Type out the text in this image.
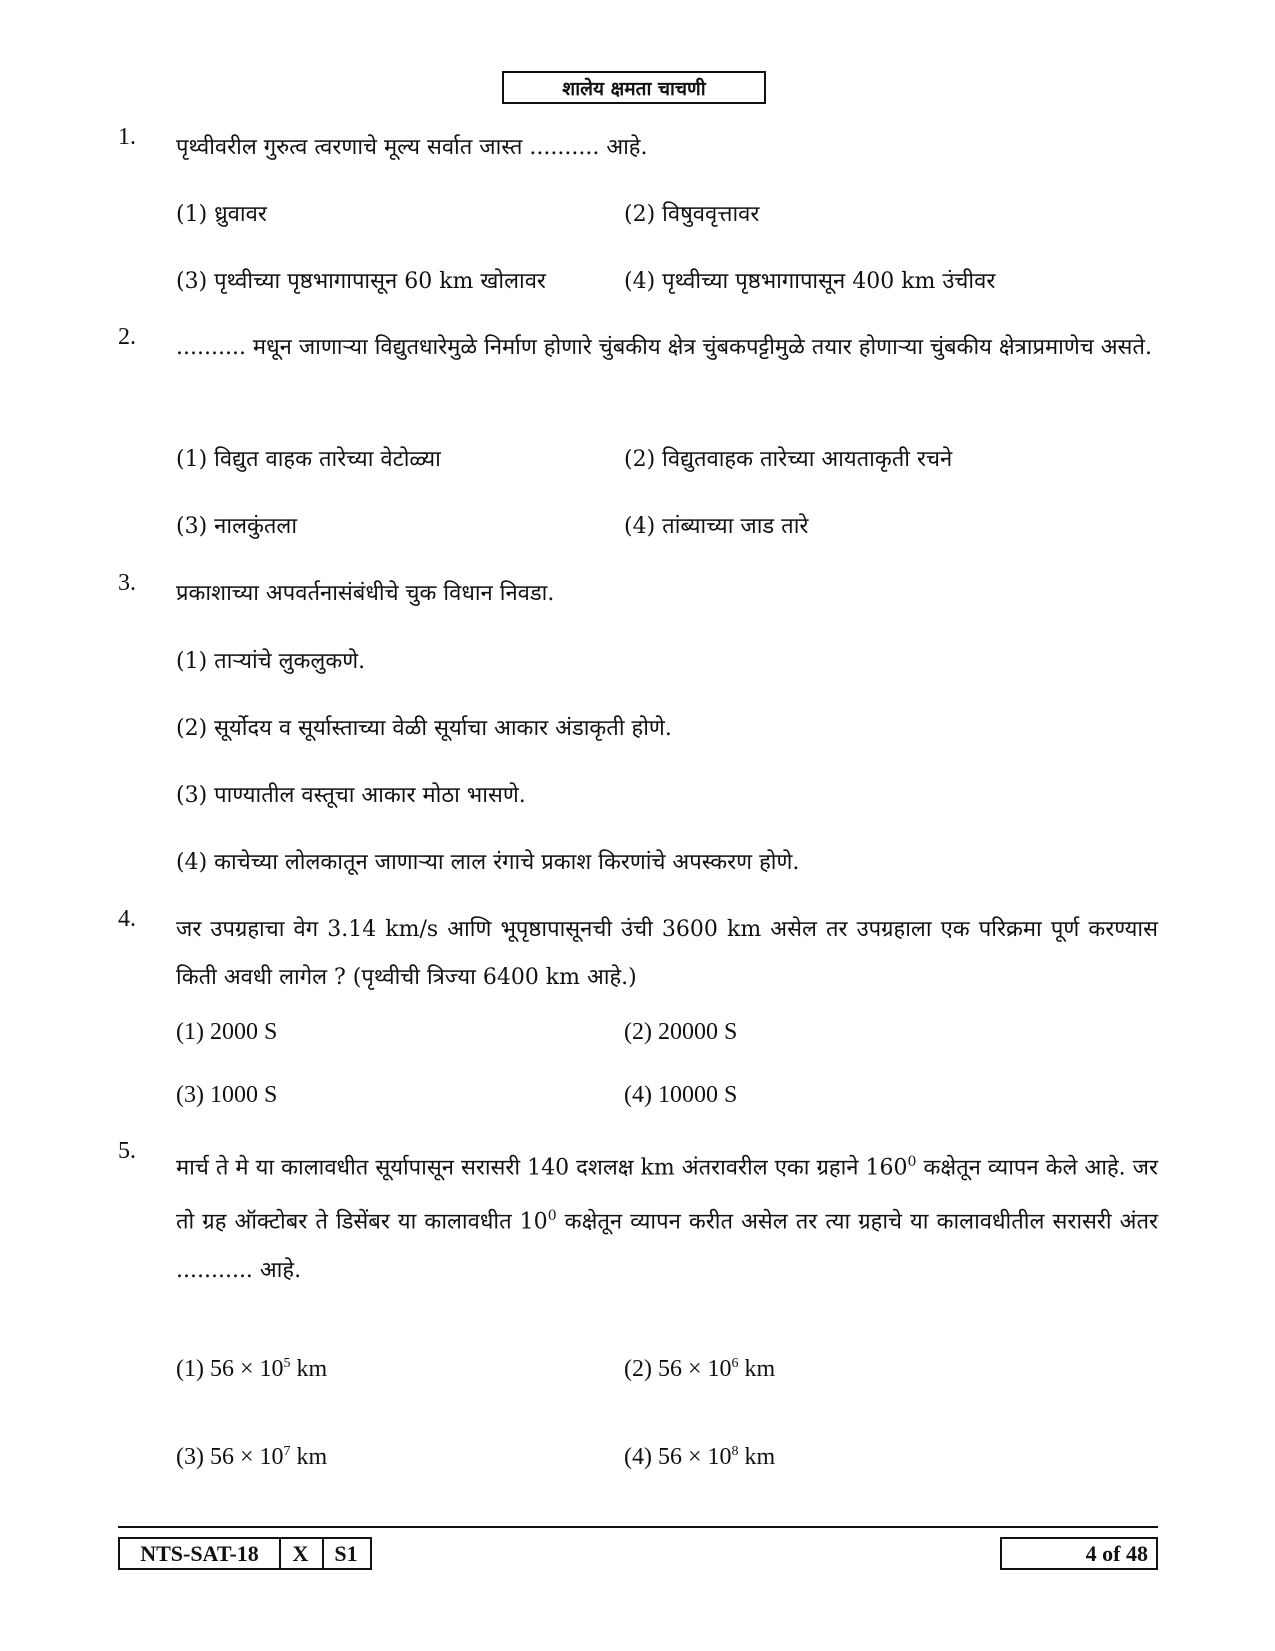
शालेय क्षमता चाचणी
1.	पृथ्वीवरील गुरुत्व त्वरणाचे मूल्य सर्वात जास्त .......... आहे.
(1) ध्रुवावर	(2) विषुववृत्तावर
(3) पृथ्वीच्या पृष्ठभागापासून 60 km खोलावर	(4) पृथ्वीच्या पृष्ठभागापासून 400 km उंचीवर
2.	.......... मधून जाणाऱ्या विद्युतधारेमुळे निर्माण होणारे चुंबकीय क्षेत्र चुंबकपट्टीमुळे तयार होणाऱ्या चुंबकीय क्षेत्राप्रमाणेच असते.
(1) विद्युत वाहक तारेच्या वेटोळ्या	(2) विद्युतवाहक तारेच्या आयताकृती रचने
(3) नालकुंतला	(4) तांब्याच्या जाड तारे
3.	प्रकाशाच्या अपवर्तनासंबंधीचे चुक विधान निवडा.
(1) ताऱ्यांचे लुकलुकणे.
(2) सूर्योदय व सूर्यास्ताच्या वेळी सूर्याचा आकार अंडाकृती होणे.
(3) पाण्यातील वस्तूचा आकार मोठा भासणे.
(4) काचेच्या लोलकातून जाणाऱ्या लाल रंगाचे प्रकाश किरणांचे अपस्करण होणे.
4.	जर उपग्रहाचा वेग 3.14 km/s आणि भूपृष्ठापासूनची उंची 3600 km असेल तर उपग्रहाला एक परिक्रमा पूर्ण करण्यास किती अवधी लागेल ? (पृथ्वीची त्रिज्या 6400 km आहे.)
(1) 2000 S	(2) 20000 S
(3) 1000 S	(4) 10000 S
5.
मार्च ते मे या कालावधीत सूर्यापासून सरासरी 140 दशलक्ष km अंतरावरील एका ग्रहाने $160^0$ कक्षेतून व्यापन केले आहे. जर तो ग्रह ऑक्टोबर ते डिसेंबर या कालावधीत $10^0$ कक्षेतून व्यापन करीत असेल तर त्या ग्रहाचे या कालावधीतील सरासरी अंतर ........... आहे.
(1) $56 \times 10^5$ km	(2) $56 \times 10^6$ km
(3) $56 \times 10^7$ km	(4) $56 \times 10^8$ km
NTS-SAT-18	X	S1	4 of 48
